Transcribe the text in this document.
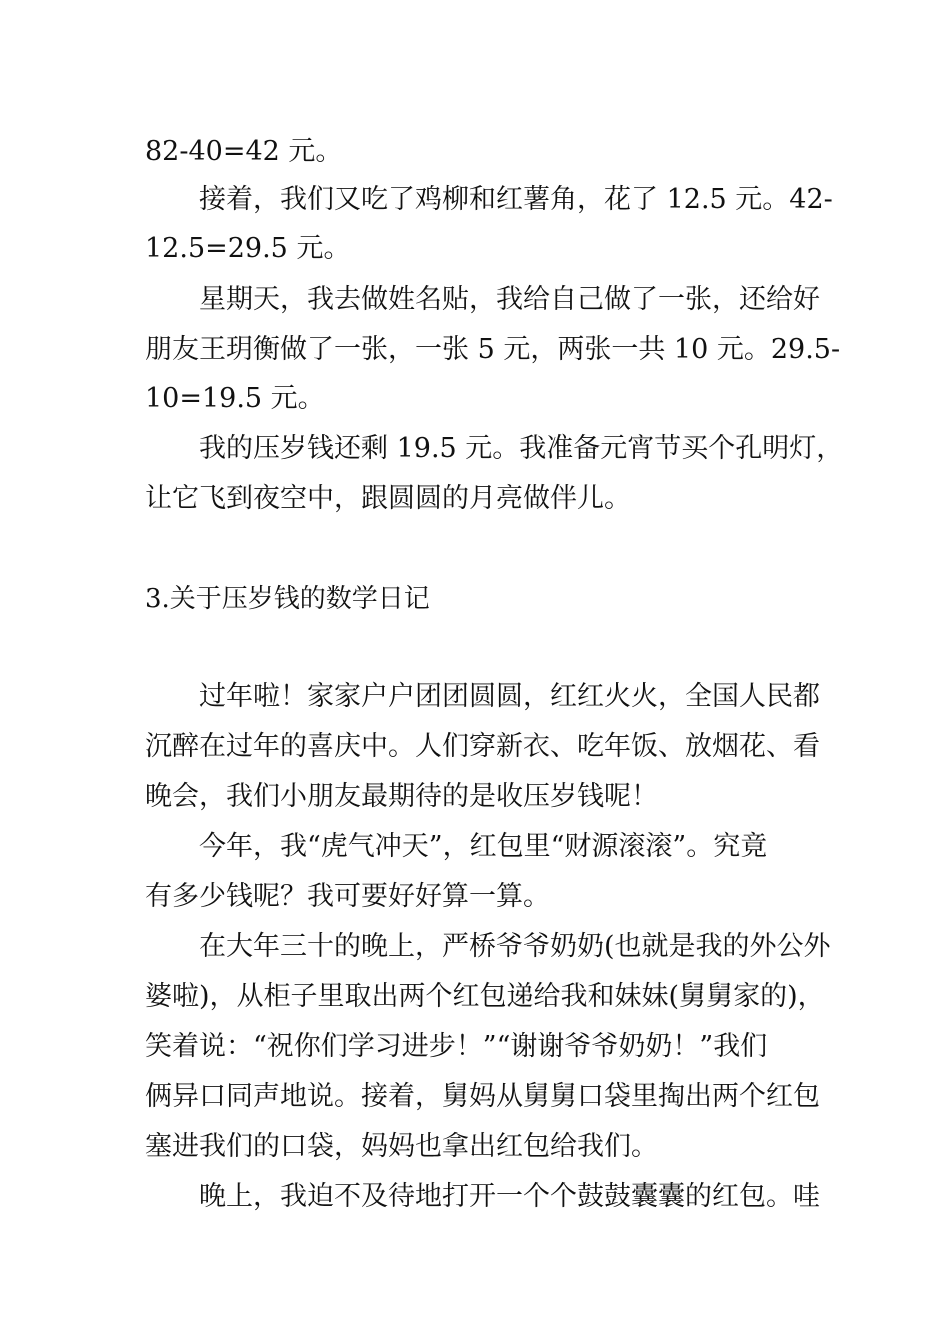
82-40=42 元。
接着，我们又吃了鸡柳和红薯角，花了 12.5 元。42-
12.5=29.5 元。
星期天，我去做姓名贴，我给自己做了一张，还给好
朋友王玥衡做了一张，一张 5 元，两张一共 10 元。29.5-
10=19.5 元。
我的压岁钱还剩 19.5 元。我准备元宵节买个孔明灯，
让它飞到夜空中，跟圆圆的月亮做伴儿。
3.关于压岁钱的数学日记
过年啦！家家户户团团圆圆，红红火火，全国人民都
沉醉在过年的喜庆中。人们穿新衣、吃年饭、放烟花、看
晚会，我们小朋友最期待的是收压岁钱呢！
今年，我“虎气冲天”，红包里“财源滚滚”。究竟
有多少钱呢？我可要好好算一算。
在大年三十的晚上，严桥爷爷奶奶(也就是我的外公外
婆啦)，从柜子里取出两个红包递给我和妹妹(舅舅家的)，
笑着说：“祝你们学习进步！”“谢谢爷爷奶奶！”我们
俩异口同声地说。接着，舅妈从舅舅口袋里掏出两个红包
塞进我们的口袋，妈妈也拿出红包给我们。
晚上，我迫不及待地打开一个个鼓鼓囊囊的红包。哇
